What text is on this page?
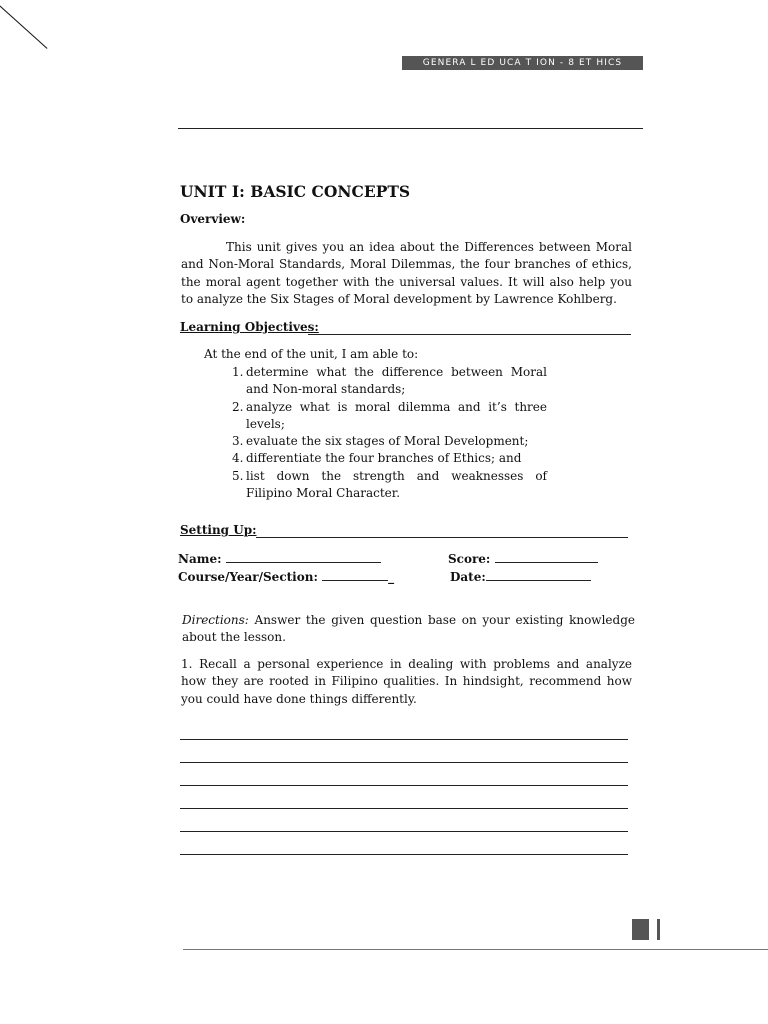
GENERA L ED UCA T ION - 8 ET HICS
UNIT I: BASIC CONCEPTS
Overview:
This unit gives you an idea about the Differences between Moral and Non-Moral Standards, Moral Dilemmas, the four branches of ethics, the moral agent together with the universal values. It will also help you to analyze the Six Stages of Moral development by Lawrence Kohlberg.
Learning Objectives:
At the end of the unit, I am able to:
1. determine what the difference between Moral and Non-moral standards;
2. analyze what is moral dilemma and it’s three levels;
3. evaluate the six stages of Moral Development;
4. differentiate the four branches of Ethics; and
5. list down the strength and weaknesses of Filipino Moral Character.
Setting Up:
Name:	Score:
Course/Year/Section:	_	Date:
Directions: Answer the given question base on your existing knowledge about the lesson.
1. Recall a personal experience in dealing with problems and analyze how they are rooted in Filipino qualities. In hindsight, recommend how you could have done things differently.
